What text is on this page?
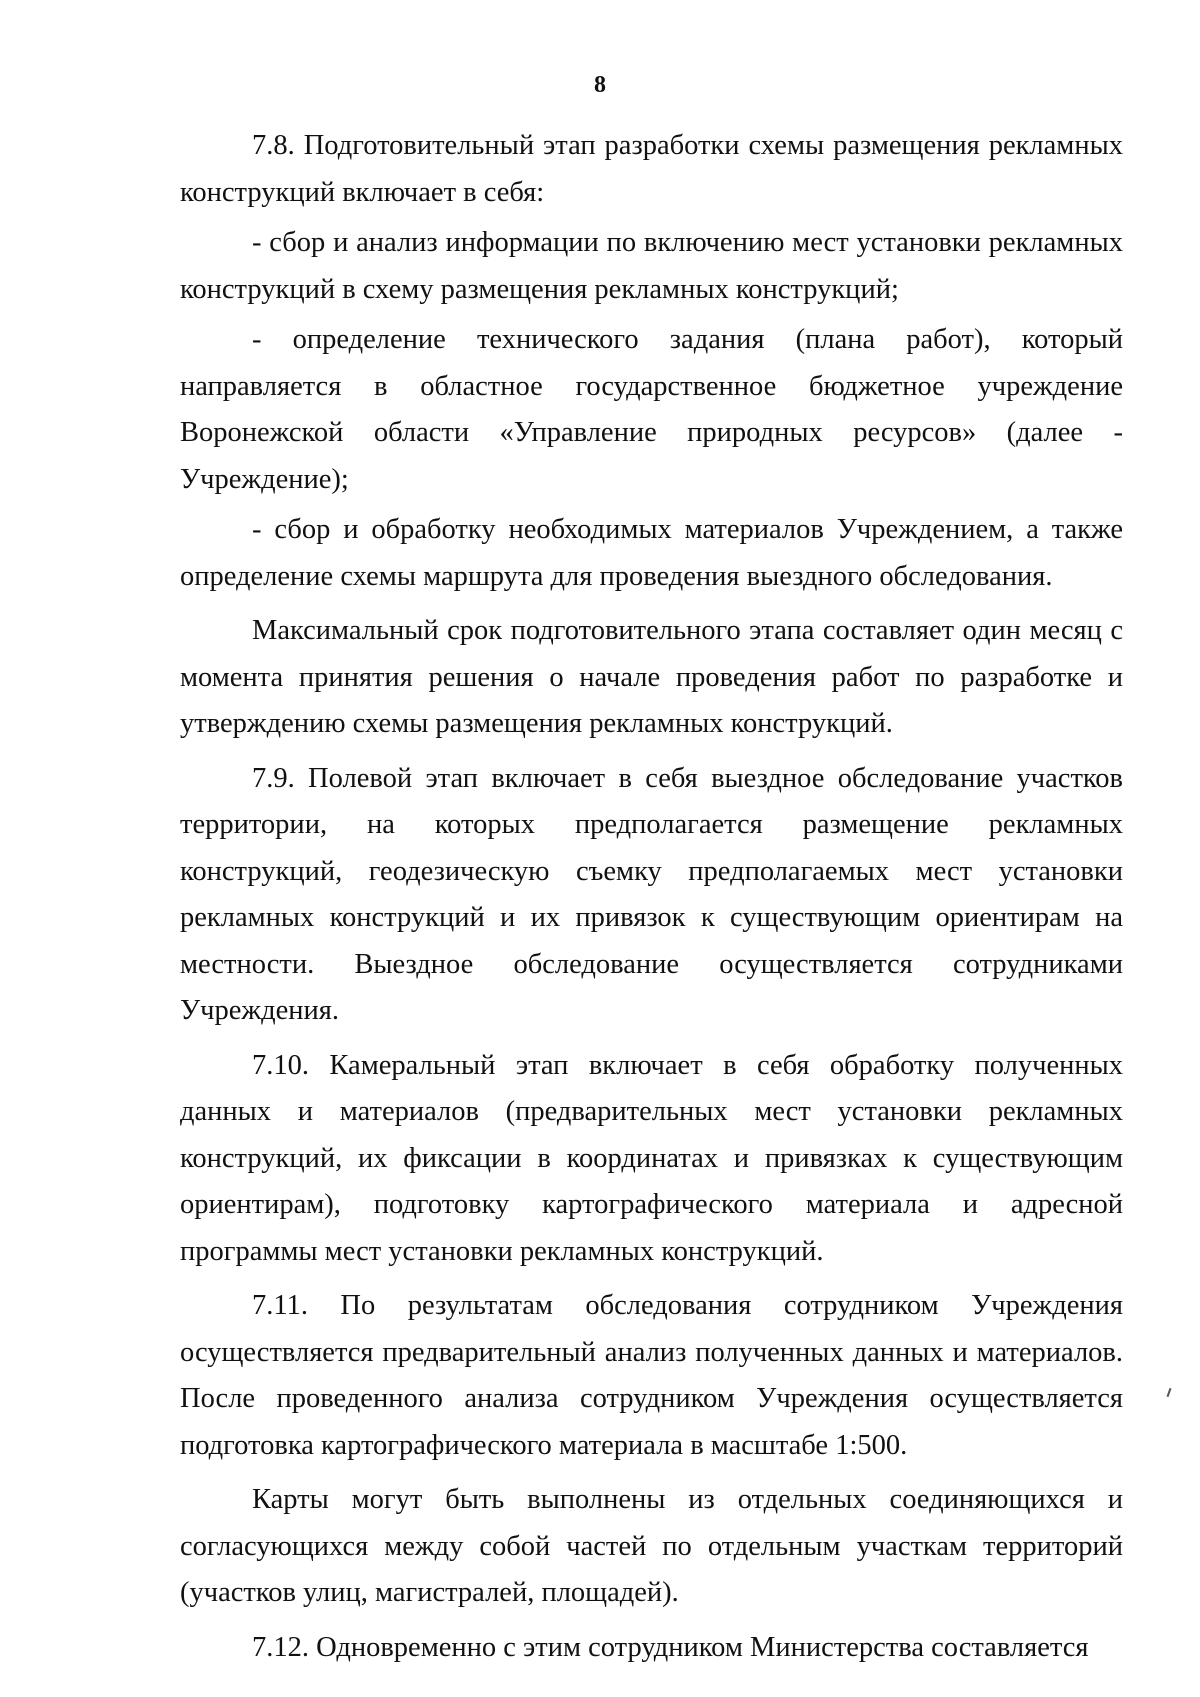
8

7.8. Подготовительный этап разработки схемы размещения рекламных конструкций включает в себя:

- сбор и анализ информации по включению мест установки рекламных конструкций в схему размещения рекламных конструкций;

- определение технического задания (плана работ), который направляется в областное государственное бюджетное учреждение Воронежской области «Управление природных ресурсов» (далее - Учреждение);

- сбор и обработку необходимых материалов Учреждением, а также определение схемы маршрута для проведения выездного обследования.

Максимальный срок подготовительного этапа составляет один месяц с момента принятия решения о начале проведения работ по разработке и утверждению схемы размещения рекламных конструкций.

7.9. Полевой этап включает в себя выездное обследование участков территории, на которых предполагается размещение рекламных конструкций, геодезическую съемку предполагаемых мест установки рекламных конструкций и их привязок к существующим ориентирам на местности. Выездное обследование осуществляется сотрудниками Учреждения.

7.10. Камеральный этап включает в себя обработку полученных данных и материалов (предварительных мест установки рекламных конструкций, их фиксации в координатах и привязках к существующим ориентирам), подготовку картографического материала и адресной программы мест установки рекламных конструкций.

7.11. По результатам обследования сотрудником Учреждения осуществляется предварительный анализ полученных данных и материалов. После проведенного анализа сотрудником Учреждения осуществляется подготовка картографического материала в масштабе 1:500.

Карты могут быть выполнены из отдельных соединяющихся и согласующихся между собой частей по отдельным участкам территорий (участков улиц, магистралей, площадей).

7.12. Одновременно с этим сотрудником Министерства составляется
